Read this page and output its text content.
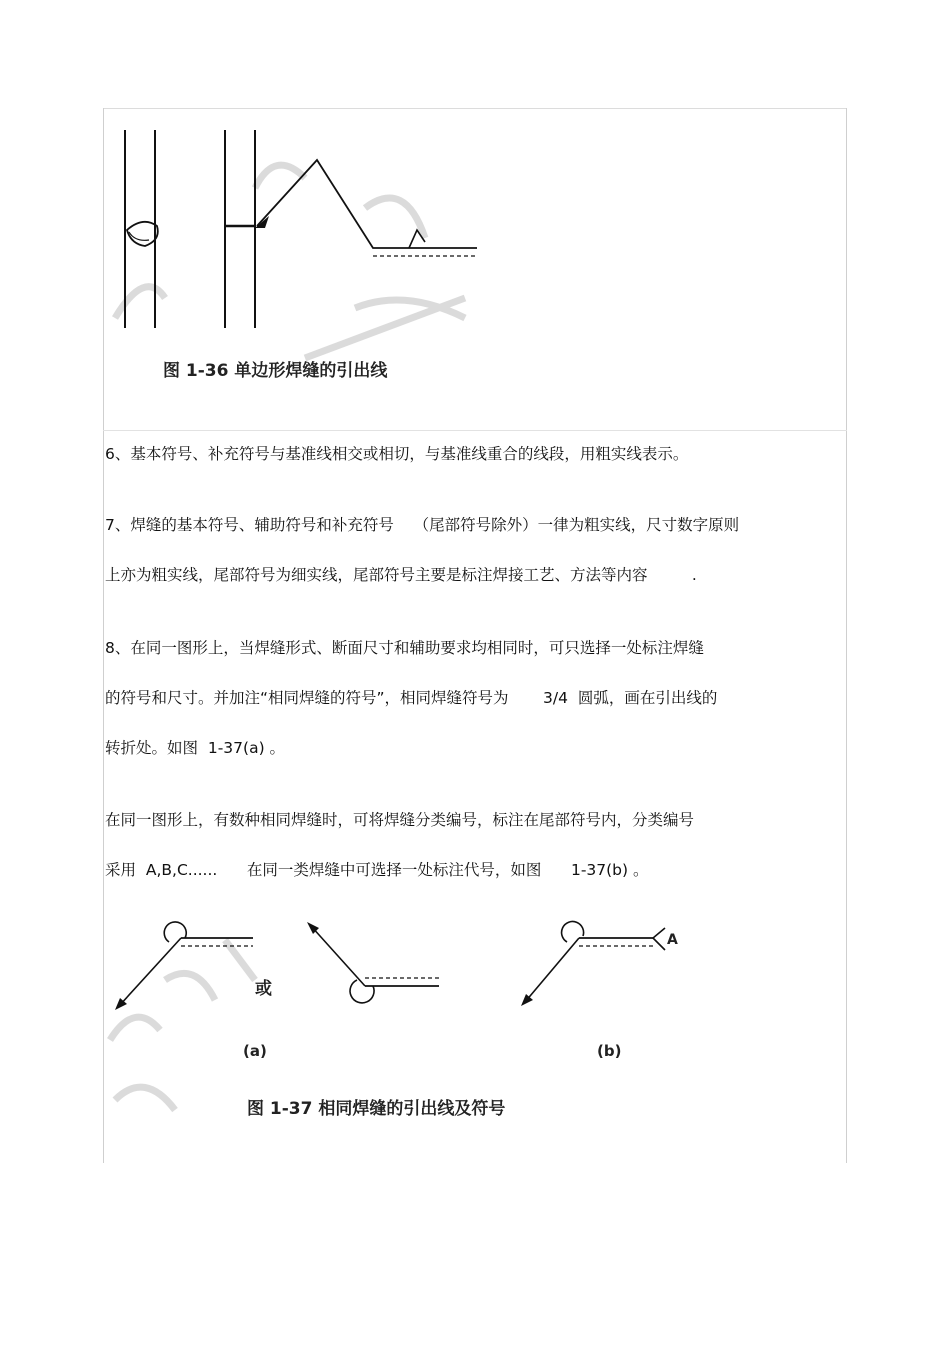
图 1-36 单边形焊缝的引出线
6、基本符号、补充符号与基准线相交或相切，与基准线重合的线段，用粗实线表示。
7、焊缝的基本符号、辅助符号和补充符号    （尾部符号除外）一律为粗实线，尺寸数字原则
上亦为粗实线，尾部符号为细实线，尾部符号主要是标注焊接工艺、方法等内容         .
8、在同一图形上，当焊缝形式、断面尺寸和辅助要求均相同时，可只选择一处标注焊缝
的符号和尺寸。并加注“相同焊缝的符号”，相同焊缝符号为       3/4  圆弧，画在引出线的
转折处。如图  1-37(a) 。
在同一图形上，有数种相同焊缝时，可将焊缝分类编号，标注在尾部符号内，分类编号
采用  A,B,C......      在同一类焊缝中可选择一处标注代号，如图      1-37(b) 。
或
A
(a)	(b)
图 1-37 相同焊缝的引出线及符号
